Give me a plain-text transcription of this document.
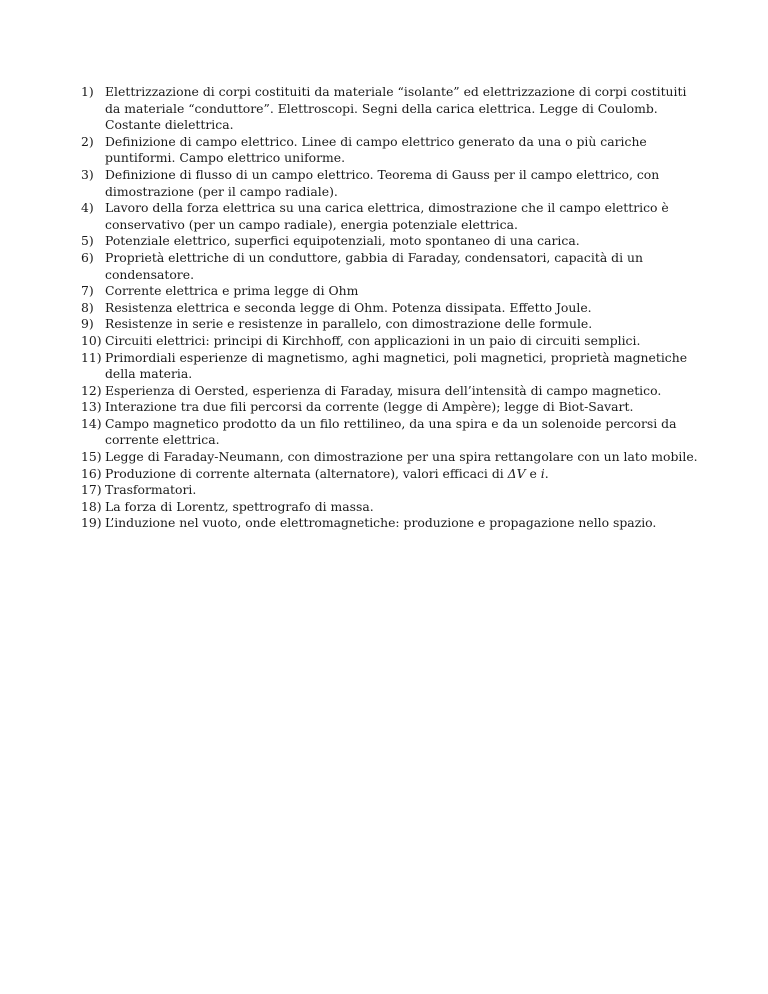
1) Elettrizzazione di corpi costituiti da materiale “isolante” ed elettrizzazione di corpi costituiti da materiale “conduttore”. Elettroscopi. Segni della carica elettrica. Legge di Coulomb. Costante dielettrica.
2) Definizione di campo elettrico. Linee di campo elettrico generato da una o più cariche puntiformi. Campo elettrico uniforme.
3) Definizione di flusso di un campo elettrico. Teorema di Gauss per il campo elettrico, con dimostrazione (per il campo radiale).
4) Lavoro della forza elettrica su una carica elettrica, dimostrazione che il campo elettrico è conservativo (per un campo radiale), energia potenziale elettrica.
5) Potenziale elettrico, superfici equipotenziali, moto spontaneo di una carica.
6) Proprietà elettriche di un conduttore, gabbia di Faraday, condensatori, capacità di un condensatore.
7) Corrente elettrica e prima legge di Ohm
8) Resistenza elettrica e seconda legge di Ohm. Potenza dissipata. Effetto Joule.
9) Resistenze in serie e resistenze in parallelo, con dimostrazione delle formule.
10) Circuiti elettrici: principi di Kirchhoff, con applicazioni in un paio di circuiti semplici.
11) Primordiali esperienze di magnetismo, aghi magnetici, poli magnetici, proprietà magnetiche della materia.
12) Esperienza di Oersted, esperienza di Faraday, misura dell’intensità di campo magnetico.
13) Interazione tra due fili percorsi da corrente (legge di Ampère); legge di Biot-Savart.
14) Campo magnetico prodotto da un filo rettilineo, da una spira e da un solenoide percorsi da corrente elettrica.
15) Legge di Faraday-Neumann, con dimostrazione per una spira rettangolare con un lato mobile.
16) Produzione di corrente alternata (alternatore), valori efficaci di ΔV e i.
17) Trasformatori.
18) La forza di Lorentz, spettrografo di massa.
19) L’induzione nel vuoto, onde elettromagnetiche: produzione e propagazione nello spazio.
